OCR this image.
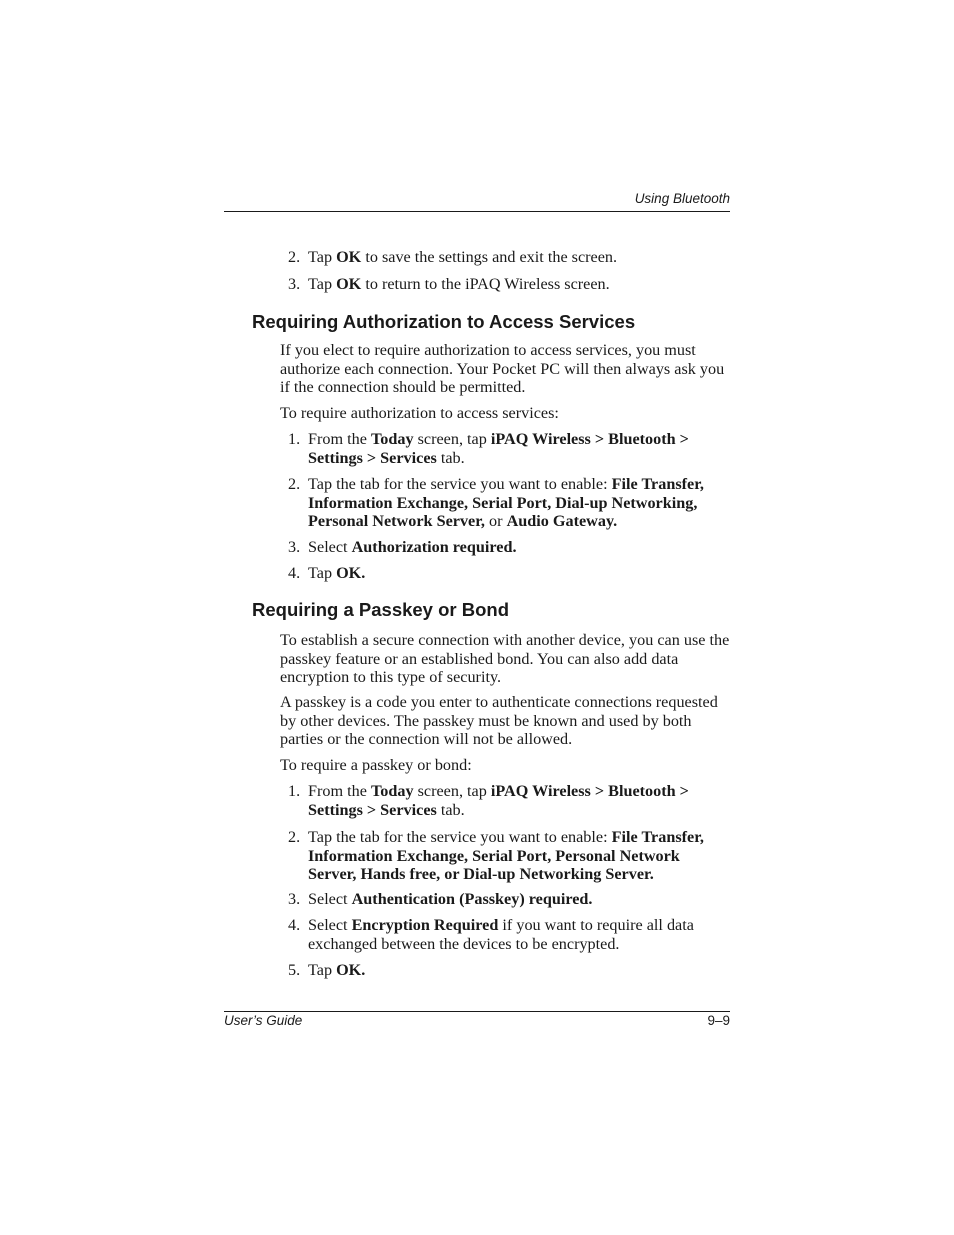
Using Bluetooth
2. Tap OK to save the settings and exit the screen.
3. Tap OK to return to the iPAQ Wireless screen.
Requiring Authorization to Access Services
If you elect to require authorization to access services, you must authorize each connection. Your Pocket PC will then always ask you if the connection should be permitted.
To require authorization to access services:
1. From the Today screen, tap iPAQ Wireless > Bluetooth > Settings > Services tab.
2. Tap the tab for the service you want to enable: File Transfer, Information Exchange, Serial Port, Dial-up Networking, Personal Network Server, or Audio Gateway.
3. Select Authorization required.
4. Tap OK.
Requiring a Passkey or Bond
To establish a secure connection with another device, you can use the passkey feature or an established bond. You can also add data encryption to this type of security.
A passkey is a code you enter to authenticate connections requested by other devices. The passkey must be known and used by both parties or the connection will not be allowed.
To require a passkey or bond:
1. From the Today screen, tap iPAQ Wireless > Bluetooth > Settings > Services tab.
2. Tap the tab for the service you want to enable: File Transfer, Information Exchange, Serial Port, Personal Network Server, Hands free, or Dial-up Networking Server.
3. Select Authentication (Passkey) required.
4. Select Encryption Required if you want to require all data exchanged between the devices to be encrypted.
5. Tap OK.
User’s Guide	9–9
